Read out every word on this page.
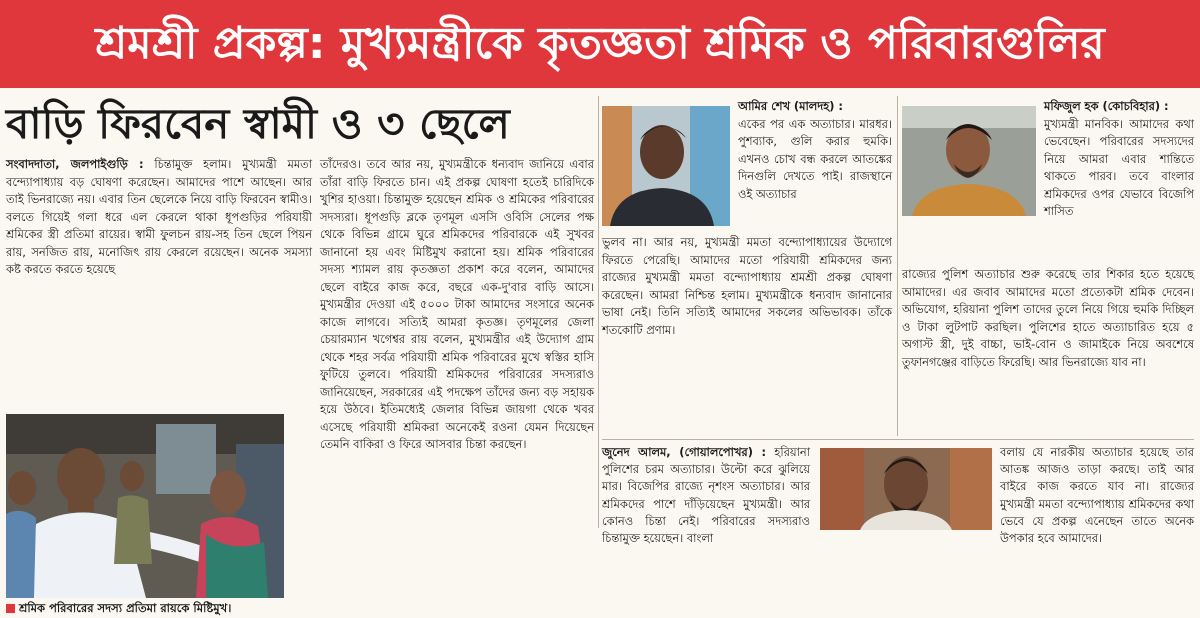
শ্রমশ্রী প্রকল্প: মুখ্যমন্ত্রীকে কৃতজ্ঞতা শ্রমিক ও পরিবারগুলির
বাড়ি ফিরবেন স্বামী ও ৩ ছেলে
সংবাদদাতা, জলপাইগুড়ি : চিন্তামুক্ত হলাম। মুখ্যমন্ত্রী মমতা বন্দ্যোপাধ্যায় বড় ঘোষণা করেছেন। আমাদের পাশে আছেন। আর তাই ভিনরাজ্যে নয়। এবার তিন ছেলেকে নিয়ে বাড়ি ফিরবেন স্বামীও। বলতে গিয়েই গলা ধরে এল কেরলে থাকা ধূপগুড়ির পরিযায়ী শ্রমিকের স্ত্রী প্রতিমা রায়ের। স্বামী ফুলচন রায়-সহ তিন ছেলে পিয়ন রায়, সনজিত রায়, মনোজিৎ রায় কেরলে রয়েছেন। অনেক সমস্যা কষ্ট করতে করতে হয়েছে
শ্রমিক পরিবারের সদস্য প্রতিমা রায়কে মিষ্টিমুখ।
তাঁদেরও। তবে আর নয়, মুখ্যমন্ত্রীকে ধন্যবাদ জানিয়ে এবার তাঁরা বাড়ি ফিরতে চান। এই প্রকল্প ঘোষণা হতেই চারিদিকে খুশির হাওয়া। চিন্তামুক্ত হয়েছেন শ্রমিক ও শ্রমিকের পরিবারের সদস্যরা। ধূপগুড়ি ব্লকে তৃণমূল এসসি ওবিসি সেলের পক্ষ থেকে বিভিন্ন গ্রামে ঘুরে শ্রমিকদের পরিবারকে এই সুখবর জানানো হয় এবং মিষ্টিমুখ করানো হয়। শ্রমিক পরিবারের সদস্য শ্যামল রায় কৃতজ্ঞতা প্রকাশ করে বলেন, আমাদের ছেলে বাইরে কাজ করে, বছরে এক-দু'বার বাড়ি আসে। মুখ্যমন্ত্রীর দেওয়া এই ৫০০০ টাকা আমাদের সংসারে অনেক কাজে লাগবে। সত্যিই আমরা কৃতজ্ঞ। তৃণমূলের জেলা চেয়ারম্যান খগেশ্বর রায় বলেন, মুখ্যমন্ত্রীর এই উদ্যোগ গ্রাম থেকে শহর সর্বত্র পরিযায়ী শ্রমিক পরিবারের মুখে স্বস্তির হাসি ফুটিয়ে তুলবে। পরিযায়ী শ্রমিকদের পরিবারের সদস্যরাও জানিয়েছেন, সরকারের এই পদক্ষেপ তাঁদের জন্য বড় সহায়ক হয়ে উঠবে। ইতিমধ্যেই জেলার বিভিন্ন জায়গা থেকে খবর এসেছে পরিযায়ী শ্রমিকরা অনেকেই রওনা যেমন দিয়েছেন তেমনি বাকিরা ও ফিরে আসবার চিন্তা করছেন।
আমির শেখ (মালদহ) :
একের পর এক অত্যাচার। মারধর। পুশব্যাক, গুলি করার হুমকি। এখনও চোখ বন্ধ করলে আতঙ্কের দিনগুলি দেখতে পাই। রাজস্থানে ওই অত্যাচার
ভুলব না। আর নয়, মুখ্যমন্ত্রী মমতা বন্দ্যোপাধ্যায়ের উদ্যোগে ফিরতে পেরেছি। আমাদের মতো পরিযায়ী শ্রমিকদের জন্য রাজ্যের মুখ্যমন্ত্রী মমতা বন্দ্যোপাধ্যায় শ্রমশ্রী প্রকল্প ঘোষণা করেছেন। আমরা নিশ্চিন্ত হলাম। মুখ্যমন্ত্রীকে ধন্যবাদ জানানোর ভাষা নেই। তিনি সত্যিই আমাদের সকলের অভিভাবক। তাঁকে শতকোটি প্রণাম।
মফিজুল হক (কোচবিহার) :
মুখ্যমন্ত্রী মানবিক। আমাদের কথা ভেবেছেন। পরিবারের সদস্যদের নিয়ে আমরা এবার শান্তিতে থাকতে পারব। তবে বাংলার শ্রমিকদের ওপর যেভাবে বিজেপি শাসিত
রাজ্যের পুলিশ অত্যাচার শুরু করেছে তার শিকার হতে হয়েছে আমাদের। এর জবাব আমাদের মতো প্রত্যেকটা শ্রমিক দেবেন। অভিযোগ, হরিয়ানা পুলিশ তাদের তুলে নিয়ে গিয়ে হুমকি দিচ্ছিল ও টাকা লুটপাট করছিল। পুলিশের হাতে অত্যাচারিত হয়ে ৫ অগাস্ট স্ত্রী, দুই বাচ্চা, ভাই-বোন ও জামাইকে নিয়ে অবশেষে তুফানগঞ্জের বাড়িতে ফিরেছি। আর ভিনরাজ্যে যাব না।
জুনেদ আলম, (গোয়ালপোখর) : হরিয়ানা পুলিশের চরম অত্যাচার। উল্টো করে ঝুলিয়ে মার। বিজেপির রাজ্যে নৃশংস অত্যাচার। আর শ্রমিকদের পাশে দাঁড়িয়েছেন মুখ্যমন্ত্রী। আর কোনও চিন্তা নেই। পরিবারের সদস্যরাও চিন্তামুক্ত হয়েছেন। বাংলা
বলায় যে নারকীয় অত্যাচার হয়েছে তার আতঙ্ক আজও তাড়া করছে। তাই আর বাইরে কাজ করতে যাব না। রাজ্যের মুখ্যমন্ত্রী মমতা বন্দ্যোপাধ্যায় শ্রমিকদের কথা ভেবে যে প্রকল্প এনেছেন তাতে অনেক উপকার হবে আমাদের।
